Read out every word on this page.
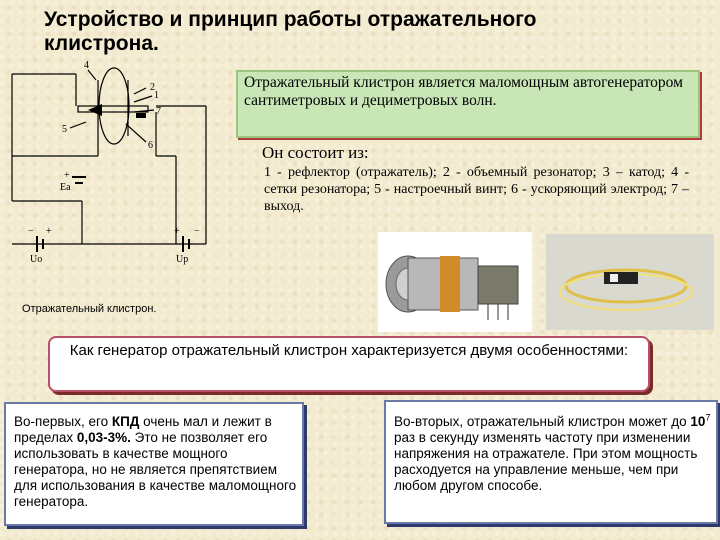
Устройство и принцип работы отражательного
клистрона.
4
2
1
7
5
6
Eа
+
Uо
− +
Up
+ −
Отражательный клистрон является маломощным автогенератором сантиметровых и дециметровых волн.
Он состоит из:
1 - рефлектор (отражатель); 2 - объемный резонатор; 3 – катод; 4 - сетки резонатора; 5 - настроечный винт; 6 - ускоряющий электрод; 7 – выход.
Отражательный клистрон.
Как генератор отражательный клистрон характеризуется двумя особенностями:
Во-первых, его КПД очень мал и лежит в пределах 0,03-3%. Это не позволяет его использовать в качестве мощного генератора, но не является препятствием для использования в качестве маломощного генератора.
Во-вторых, отражательный клистрон может до $10^7$ раз в секунду изменять частоту при изменении напряжения на отражателе. При этом мощность расходуется на управление меньше, чем при любом другом способе.
